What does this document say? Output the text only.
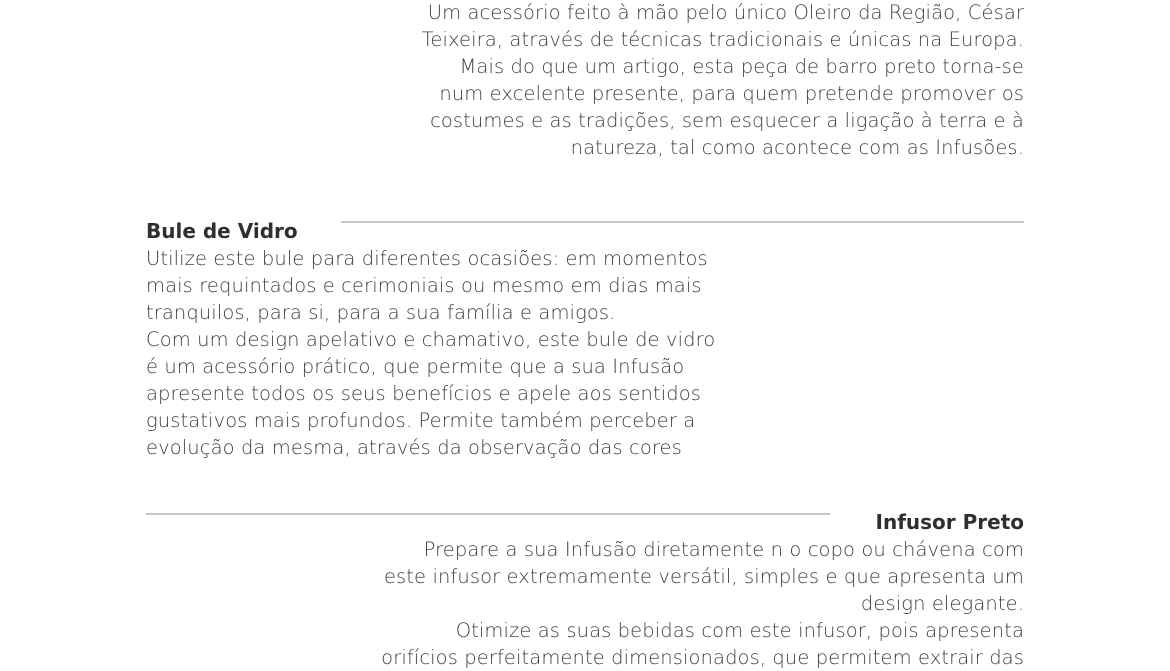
Um acessório feito à mão pelo único Oleiro da Região, César
Teixeira, através de técnicas tradicionais e únicas na Europa.
Mais do que um artigo, esta peça de barro preto torna-se
num excelente presente, para quem pretende promover os
costumes e as tradições, sem esquecer a ligação à terra e à
natureza, tal como acontece com as Infusões.
Bule de Vidro
Utilize este bule para diferentes ocasiões: em momentos
mais requintados e cerimoniais ou mesmo em dias mais
tranquilos, para si, para a sua família e amigos.
Com um design apelativo e chamativo, este bule de vidro
é um acessório prático, que permite que a sua Infusão
apresente todos os seus benefícios e apele aos sentidos
gustativos mais profundos. Permite também perceber a
evolução da mesma, através da observação das cores
Infusor Preto
Prepare a sua Infusão diretamente n o copo ou chávena com
este infusor extremamente versátil, simples e que apresenta um
design elegante.
Otimize as suas bebidas com este infusor, pois apresenta
orifícios perfeitamente dimensionados, que permitem extrair das
